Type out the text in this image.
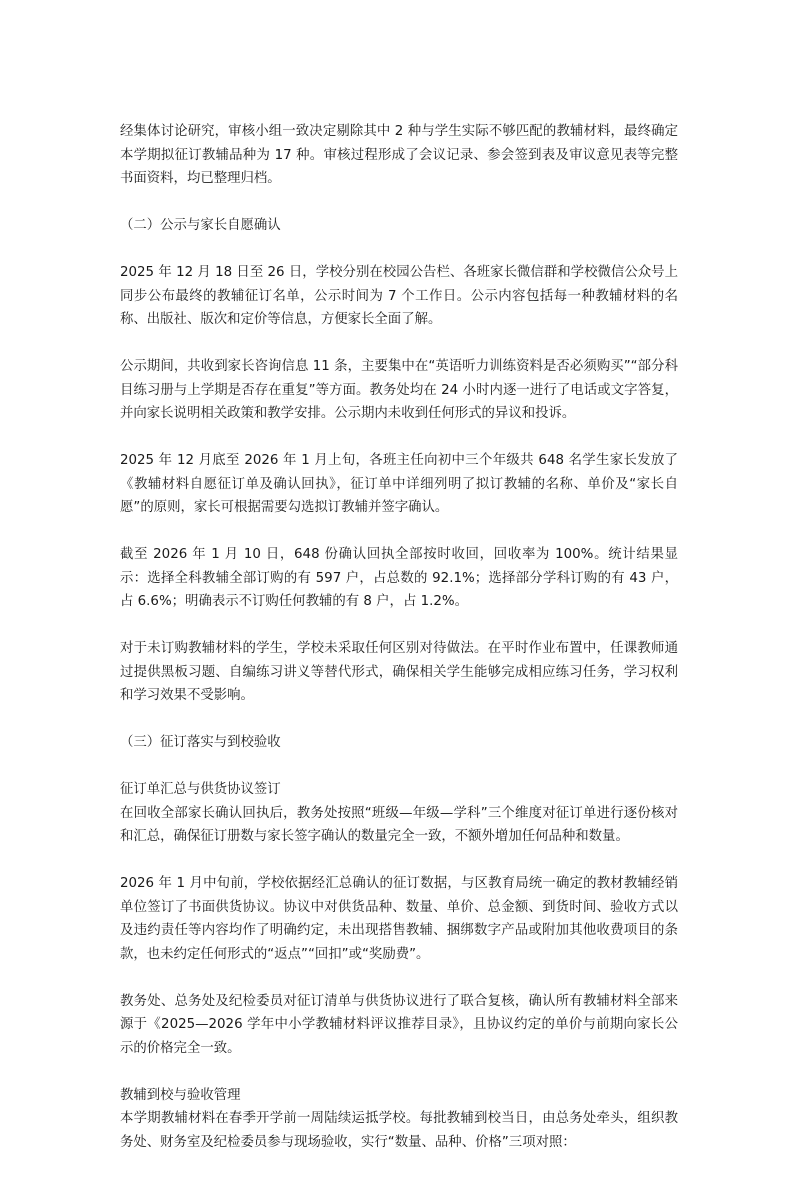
经集体讨论研究，审核小组一致决定剔除其中 2 种与学生实际不够匹配的教辅材料，最终确定本学期拟征订教辅品种为 17 种。审核过程形成了会议记录、参会签到表及审议意见表等完整书面资料，均已整理归档。

（二）公示与家长自愿确认

2025 年 12 月 18 日至 26 日，学校分别在校园公告栏、各班家长微信群和学校微信公众号上同步公布最终的教辅征订名单，公示时间为 7 个工作日。公示内容包括每一种教辅材料的名称、出版社、版次和定价等信息，方便家长全面了解。

公示期间，共收到家长咨询信息 11 条，主要集中在“英语听力训练资料是否必须购买”“部分科目练习册与上学期是否存在重复”等方面。教务处均在 24 小时内逐一进行了电话或文字答复，并向家长说明相关政策和教学安排。公示期内未收到任何形式的异议和投诉。

2025 年 12 月底至 2026 年 1 月上旬，各班主任向初中三个年级共 648 名学生家长发放了《教辅材料自愿征订单及确认回执》，征订单中详细列明了拟订教辅的名称、单价及“家长自愿”的原则，家长可根据需要勾选拟订教辅并签字确认。

截至 2026 年 1 月 10 日，648 份确认回执全部按时收回，回收率为 100%。统计结果显示：选择全科教辅全部订购的有 597 户，占总数的 92.1%；选择部分学科订购的有 43 户，占 6.6%；明确表示不订购任何教辅的有 8 户，占 1.2%。

对于未订购教辅材料的学生，学校未采取任何区别对待做法。在平时作业布置中，任课教师通过提供黑板习题、自编练习讲义等替代形式，确保相关学生能够完成相应练习任务，学习权利和学习效果不受影响。

（三）征订落实与到校验收

征订单汇总与供货协议签订

在回收全部家长确认回执后，教务处按照“班级—年级—学科”三个维度对征订单进行逐份核对和汇总，确保征订册数与家长签字确认的数量完全一致，不额外增加任何品种和数量。

2026 年 1 月中旬前，学校依据经汇总确认的征订数据，与区教育局统一确定的教材教辅经销单位签订了书面供货协议。协议中对供货品种、数量、单价、总金额、到货时间、验收方式以及违约责任等内容均作了明确约定，未出现搭售教辅、捆绑数字产品或附加其他收费项目的条款，也未约定任何形式的“返点”“回扣”或“奖励费”。

教务处、总务处及纪检委员对征订清单与供货协议进行了联合复核，确认所有教辅材料全部来源于《2025—2026 学年中小学教辅材料评议推荐目录》，且协议约定的单价与前期向家长公示的价格完全一致。

教辅到校与验收管理

本学期教辅材料在春季开学前一周陆续运抵学校。每批教辅到校当日，由总务处牵头，组织教务处、财务室及纪检委员参与现场验收，实行“数量、品种、价格”三项对照：
